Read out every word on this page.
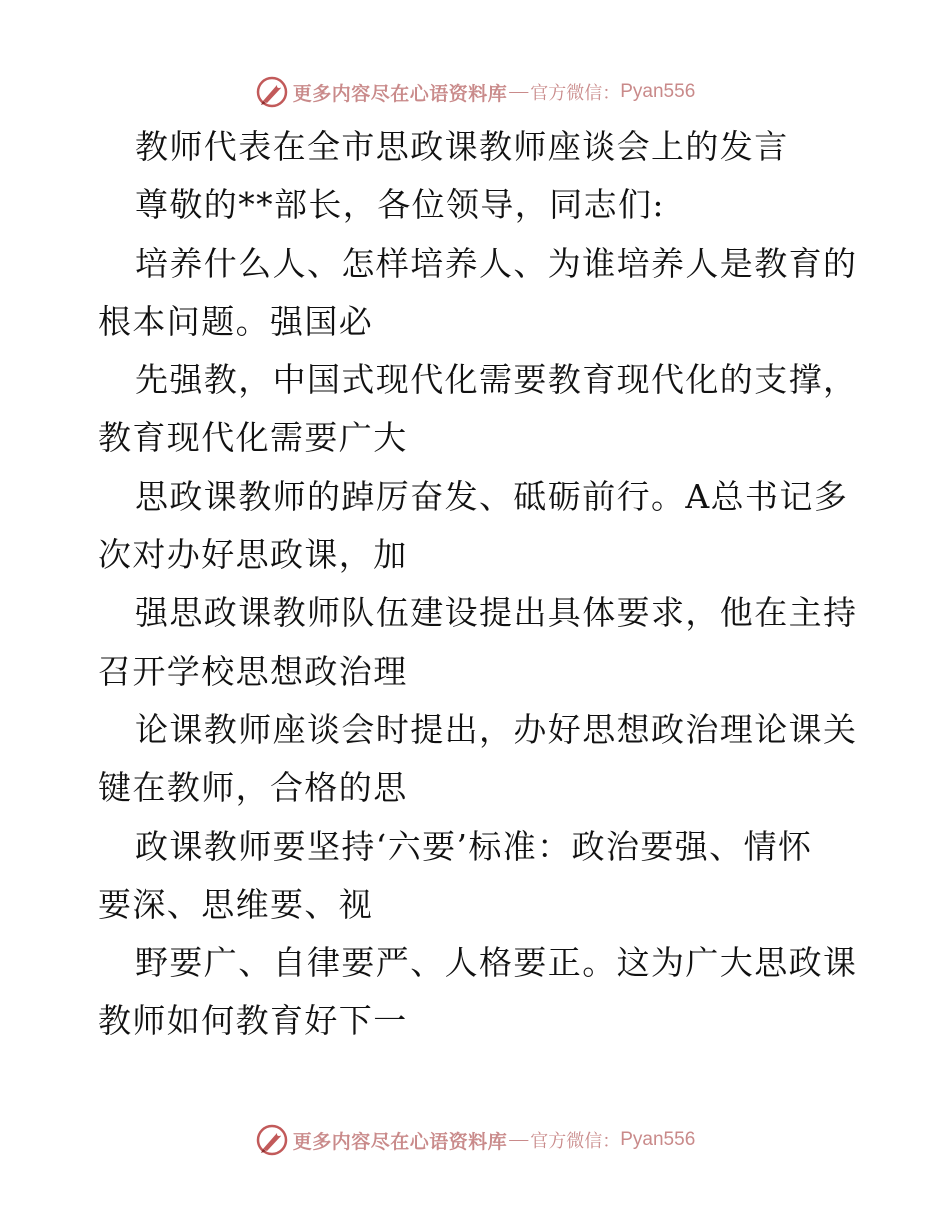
更多内容尽在心语资料库 — 官方微信： Pyan556
教师代表在全市思政课教师座谈会上的发言
尊敬的**部长，各位领导，同志们:
培养什么人、怎样培养人、为谁培养人是教育的
根本问题。强国必
先强教，中国式现代化需要教育现代化的支撑，
教育现代化需要广大
思政课教师的踔厉奋发、砥砺前行。A总书记多
次对办好思政课，加
强思政课教师队伍建设提出具体要求，他在主持
召开学校思想政治理
论课教师座谈会时提出，办好思想政治理论课关
键在教师，合格的思
政课教师要坚持‘六要’标准：政治要强、情怀
要深、思维要、视
野要广、自律要严、人格要正。这为广大思政课
教师如何教育好下一
更多内容尽在心语资料库 — 官方微信： Pyan556
